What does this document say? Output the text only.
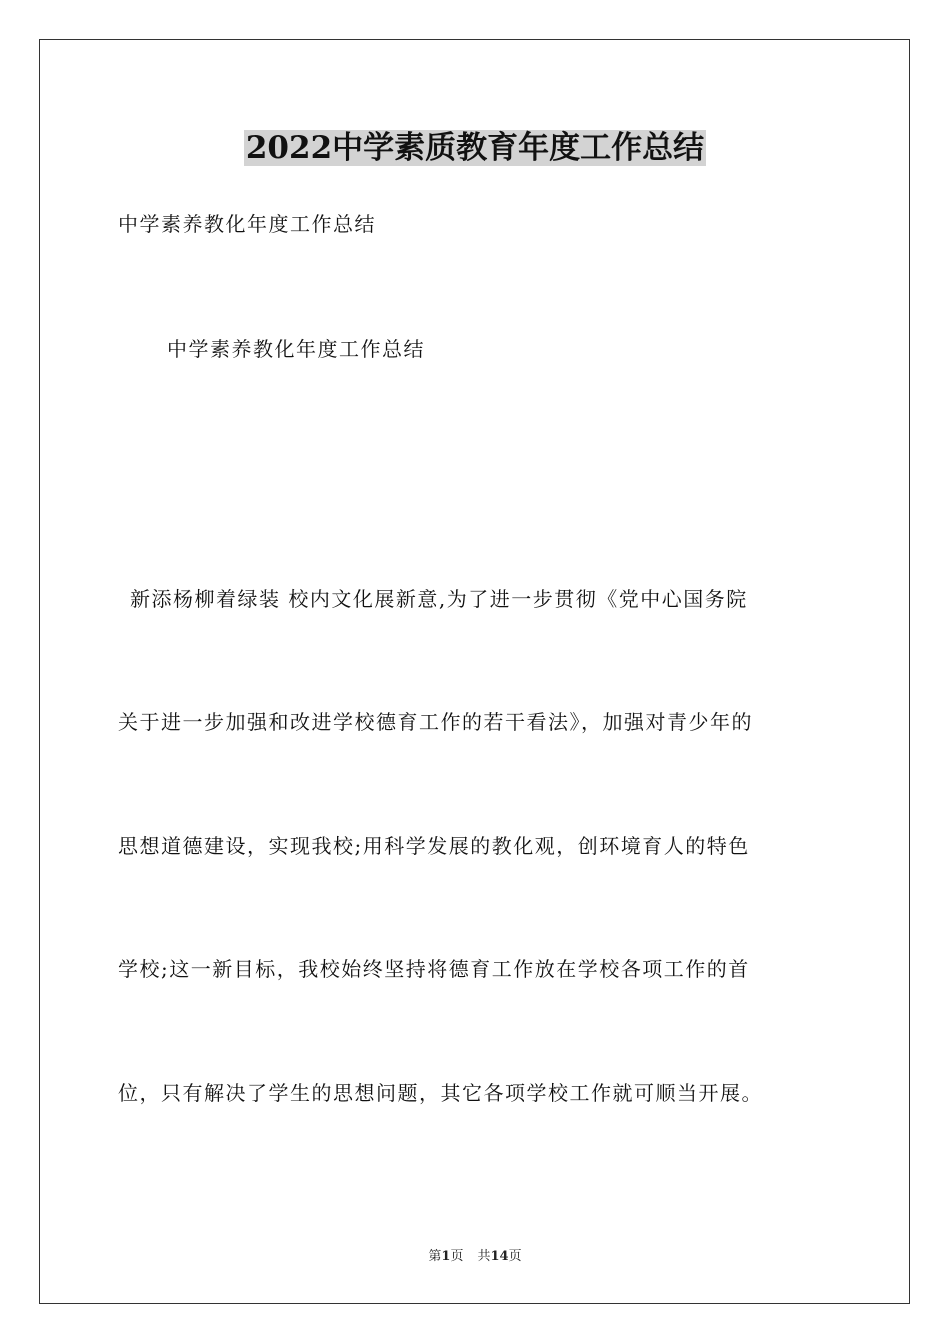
2022中学素质教育年度工作总结

中学素养教化年度工作总结

中学素养教化年度工作总结

新添杨柳着绿装 校内文化展新意,为了进一步贯彻《党中心国务院

关于进一步加强和改进学校德育工作的若干看法》，加强对青少年的

思想道德建设，实现我校;用科学发展的教化观，创环境育人的特色

学校;这一新目标，我校始终坚持将德育工作放在学校各项工作的首

位，只有解决了学生的思想问题，其它各项学校工作就可顺当开展。

第1页 共14页
